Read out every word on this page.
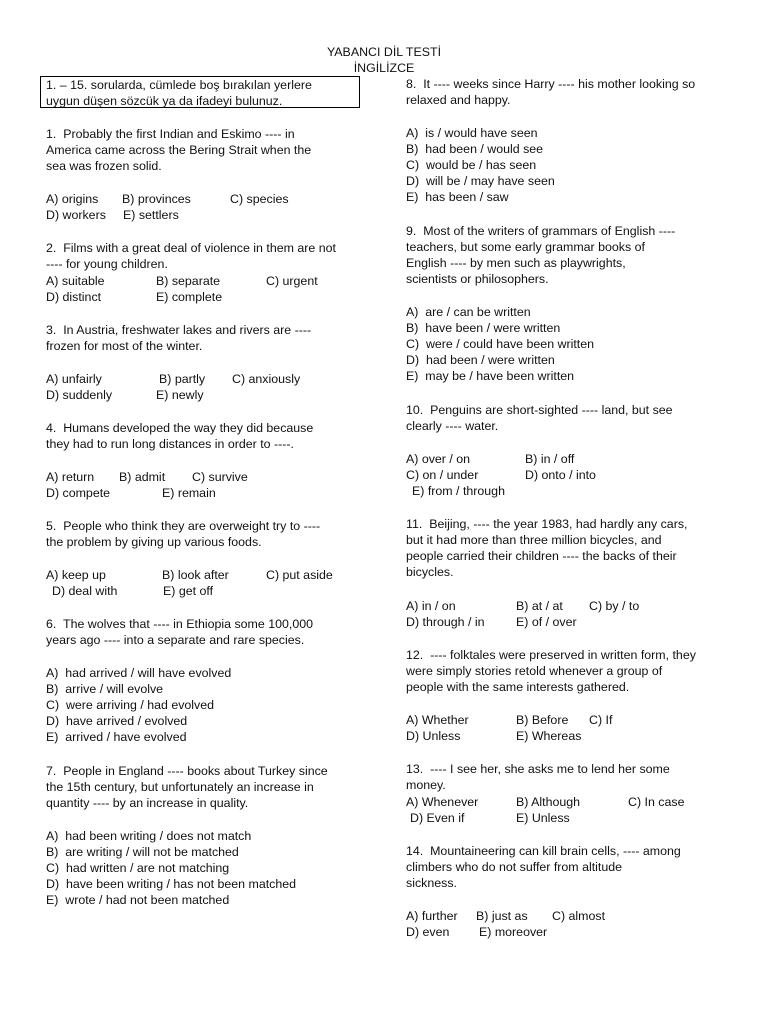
YABANCI DİL TESTİ
İNGİLİZCE
1. – 15. sorularda, cümlede boş bırakılan yerlere
uygun düşen sözcük ya da ifadeyi bulunuz.
1.  Probably the first Indian and Eskimo ---- in
America came across the Bering Strait when the
sea was frozen solid.
A) origins B) provinces	C) species
D) workers E) settlers
2.  Films with a great deal of violence in them are not
---- for young children.
A) suitable	B) separate	C) urgent
D) distinct	E) complete
3.  In Austria, freshwater lakes and rivers are ----
frozen for most of the winter.
A) unfairly	B) partly C) anxiously
D) suddenly	E) newly
4.  Humans developed the way they did because
they had to run long distances in order to ----.
A) return B) admit C) survive
D) compete	E) remain
5.  People who think they are overweight try to ----
the problem by giving up various foods.
A) keep up	B) look after	C) put aside
D) deal with	E) get off
6.  The wolves that ---- in Ethiopia some 100,000
years ago ---- into a separate and rare species.
A)  had arrived / will have evolved
B)  arrive / will evolve
C)  were arriving / had evolved
D)  have arrived / evolved
E)  arrived / have evolved
7.  People in England ---- books about Turkey since
the 15th century, but unfortunately an increase in
quantity ---- by an increase in quality.
A)  had been writing / does not match
B)  are writing / will not be matched
C)  had written / are not matching
D)  have been writing / has not been matched
E)  wrote / had not been matched
8.  It ---- weeks since Harry ---- his mother looking so
relaxed and happy.
A)  is / would have seen
B)  had been / would see
C)  would be / has seen
D)  will be / may have seen
E)  has been / saw
9.  Most of the writers of grammars of English ----
teachers, but some early grammar books of
English ---- by men such as playwrights,
scientists or philosophers.
A)  are / can be written
B)  have been / were written
C)  were / could have been written
D)  had been / were written
E)  may be / have been written
10.  Penguins are short-sighted ---- land, but see
clearly ---- water.
A) over / on	B) in / off
C) on / under	D) onto / into
E) from / through
11.  Beijing, ---- the year 1983, had hardly any cars,
but it had more than three million bicycles, and
people carried their children ---- the backs of their
bicycles.
A) in / on	B) at / at C) by / to
D) through / in	E) of / over
12.  ---- folktales were preserved in written form, they
were simply stories retold whenever a group of
people with the same interests gathered.
A) Whether	B) Before C) If
D) Unless	E) Whereas
13.  ---- I see her, she asks me to lend her some
money.
A) Whenever	B) Although	C) In case
D) Even if	E) Unless
14.  Mountaineering can kill brain cells, ---- among
climbers who do not suffer from altitude
sickness.
A) further B) just as C) almost
D) even E) moreover
